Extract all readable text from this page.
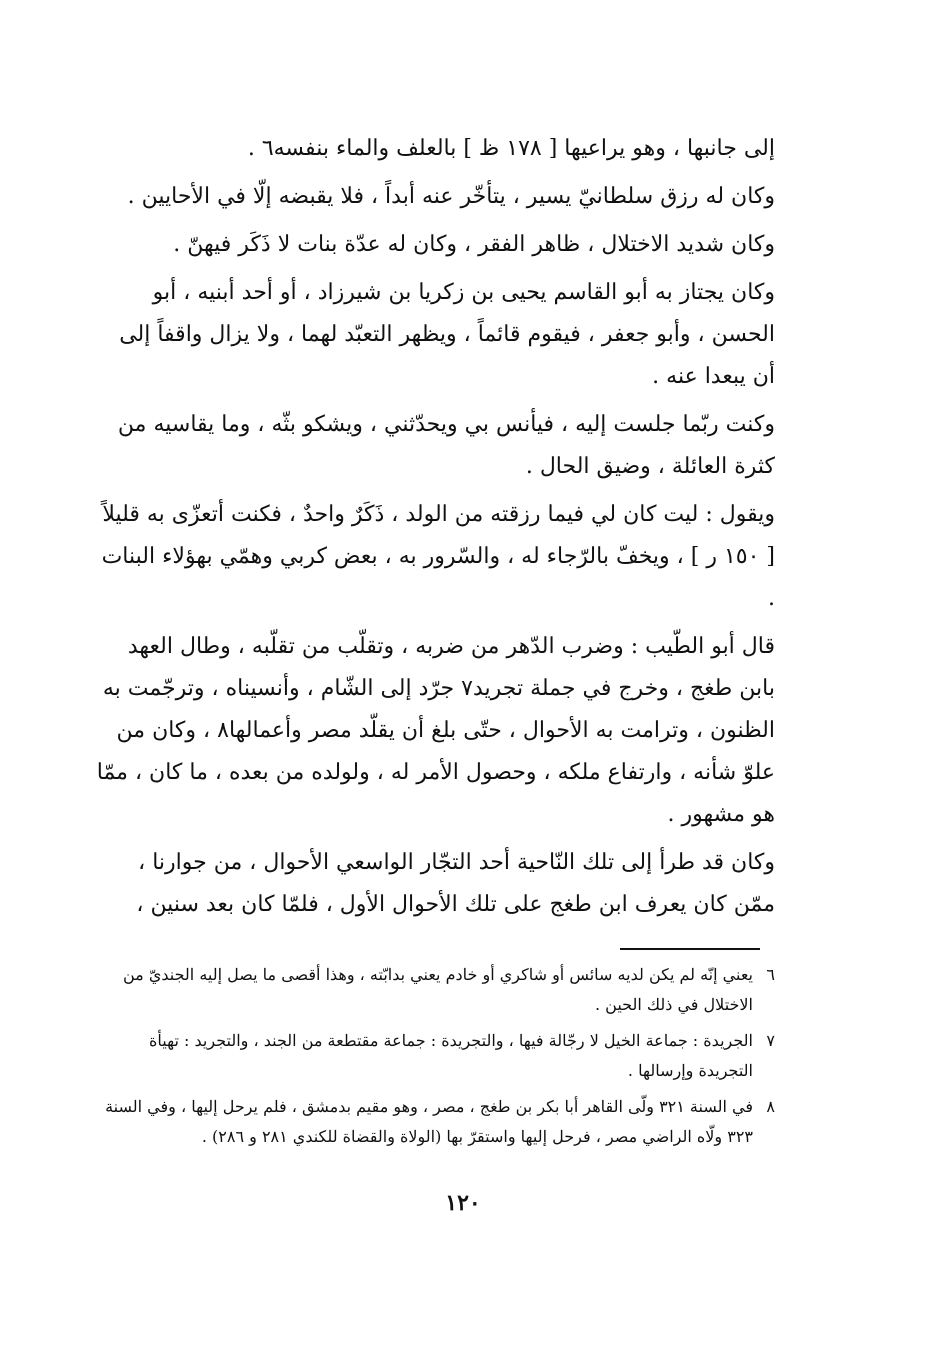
إلى جانبها ، وهو يراعيها [ ١٧٨ ظ ] بالعلف والماء بنفسه٦ .

وكان له رزق سلطانيّ يسير ، يتأخّر عنه أبداً ، فلا يقبضه إلّا في الأحايين .

وكان شديد الاختلال ، ظاهر الفقر ، وكان له عدّة بنات لا ذَكَر فيهنّ .

وكان يجتاز به أبو القاسم يحيى بن زكريا بن شيرزاد ، أو أحد أبنيه ، أبو الحسن ، وأبو جعفر ، فيقوم قائماً ، ويظهر التعبّد لهما ، ولا يزال واقفاً إلى أن يبعدا عنه .

وكنت ربّما جلست إليه ، فيأنس بي ويحدّثني ، ويشكو بثّه ، وما يقاسيه من كثرة العائلة ، وضيق الحال .

ويقول : ليت كان لي فيما رزقته من الولد ، ذَكَرٌ واحدٌ ، فكنت أتعزّى به قليلاً [ ١٥٠ ر ] ، ويخفّ بالرّجاء له ، والسّرور به ، بعض كربي وهمّي بهؤلاء البنات .

قال أبو الطّيب : وضرب الدّهر من ضربه ، وتقلّب من تقلّبه ، وطال العهد بابن طغج ، وخرج في جملة تجريد٧ جرّد إلى الشّام ، وأنسيناه ، وترجّمت به الظنون ، وترامت به الأحوال ، حتّى بلغ أن يقلّد مصر وأعمالها٨ ، وكان من علوّ شأنه ، وارتفاع ملكه ، وحصول الأمر له ، ولولده من بعده ، ما كان ، ممّا هو مشهور .

وكان قد طرأ إلى تلك النّاحية أحد التجّار الواسعي الأحوال ، من جوارنا ، ممّن كان يعرف ابن طغج على تلك الأحوال الأول ، فلمّا كان بعد سنين ،

٦
يعني إنّه لم يكن لديه سائس أو شاكري أو خادم يعني بدابّته ، وهذا أقصى ما يصل إليه الجنديّ من الاختلال في ذلك الحين .
٧
الجريدة : جماعة الخيل لا رجّالة فيها ، والتجريدة : جماعة مقتطعة من الجند ، والتجريد : تهيأة التجريدة وإرسالها .
٨
في السنة ٣٢١ ولّى القاهر أبا بكر بن طغج ، مصر ، وهو مقيم بدمشق ، فلم يرحل إليها ، وفي السنة ٣٢٣ ولّاه الراضي مصر ، فرحل إليها واستقرّ بها (الولاة والقضاة للكندي ٢٨١ و ٢٨٦) .
١٢٠
